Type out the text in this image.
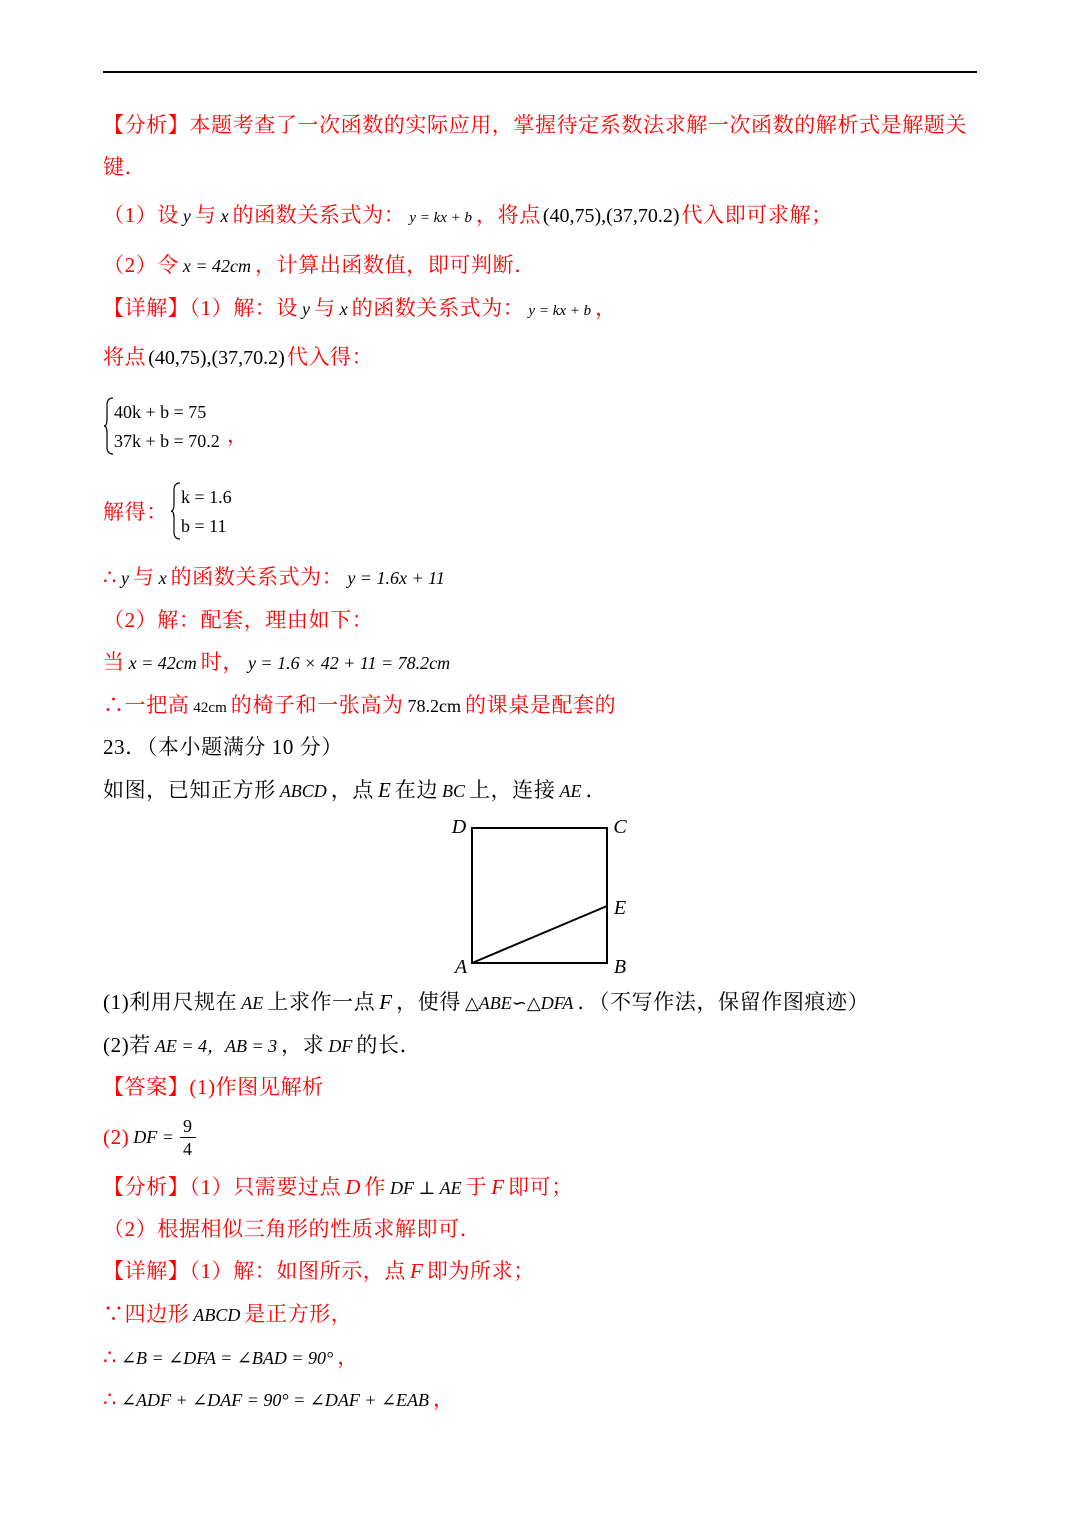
【分析】本题考查了一次函数的实际应用，掌握待定系数法求解一次函数的解析式是解题关
键．
（1）设 y 与 x 的函数关系式为： y = kx + b ，将点 (40,75),(37,70.2) 代入即可求解；
（2）令 x = 42cm ，计算出函数值，即可判断．
【详解】（1）解：设 y 与 x 的函数关系式为： y = kx + b ，
将点 (40,75),(37,70.2) 代入得：
40k + b = 75
37k + b = 70.2 ，
解得：
k = 1.6
b = 11
∴ y 与 x 的函数关系式为： y = 1.6x + 11
（2）解：配套，理由如下：
当 x = 42cm 时， y = 1.6 × 42 + 11 = 78.2cm
∴一把高 42cm 的椅子和一张高为 78.2cm 的课桌是配套的
23．（本小题满分 10 分）
如图，已知正方形 ABCD ，点 E 在边 BC 上，连接 AE ．
D	C
E
A	B
(1)利用尺规在 AE 上求作一点 F ，使得 △ABE∽△DFA ．（不写作法，保留作图痕迹）
(2)若 AE = 4，AB = 3 ，求 DF 的长．
【答案】(1)作图见解析
(2) DF = $\frac{9}{4}$
【分析】（1）只需要过点 D 作 DF ⊥ AE 于 F 即可；
（2）根据相似三角形的性质求解即可．
【详解】（1）解：如图所示，点 F 即为所求；
∵四边形 ABCD 是正方形，
∴ ∠B = ∠DFA = ∠BAD = 90° ，
∴ ∠ADF + ∠DAF = 90° = ∠DAF + ∠EAB ，
